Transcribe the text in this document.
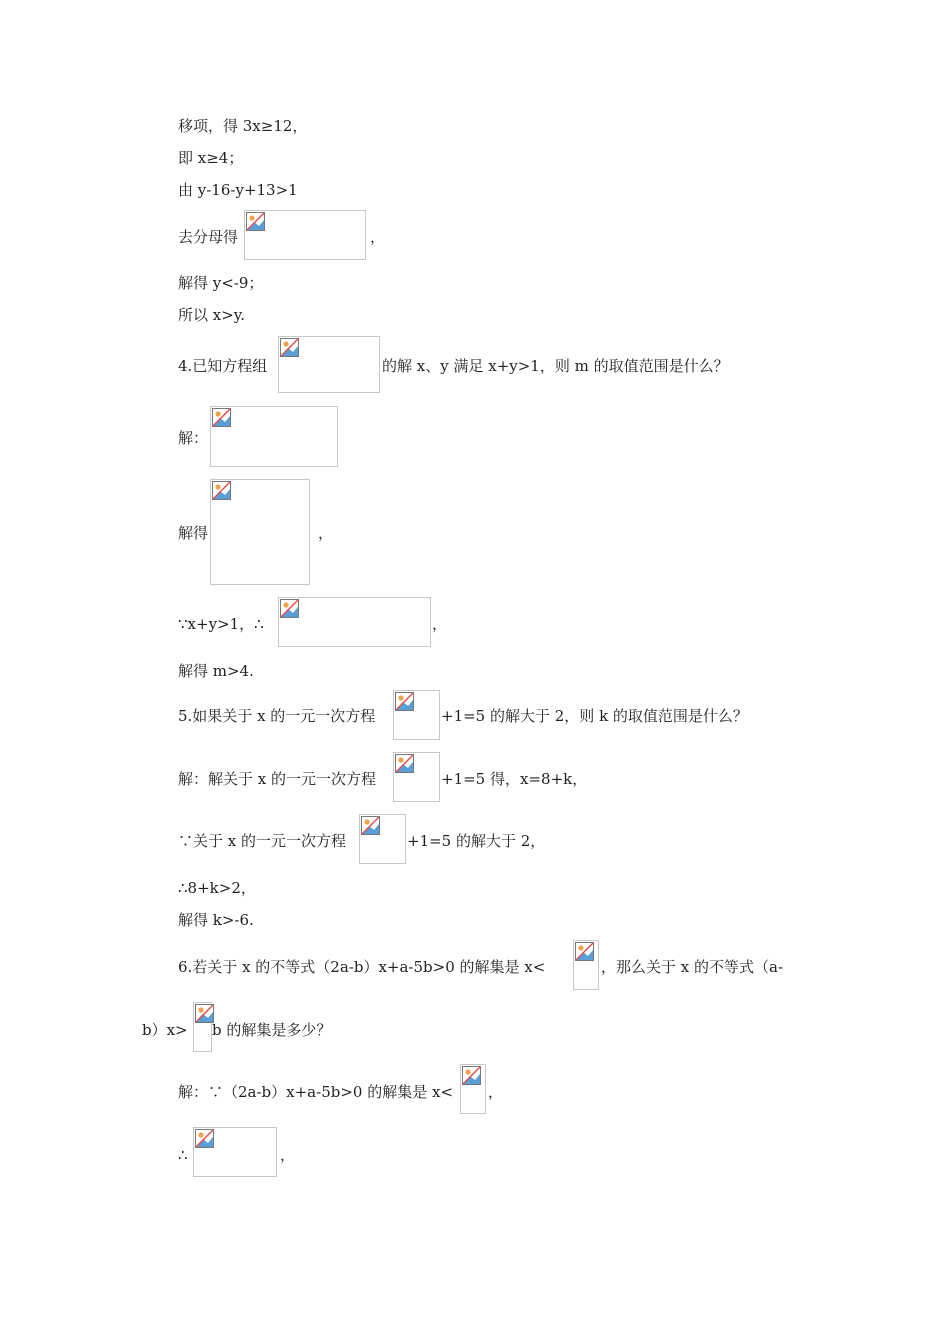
移项，得 3x≥12，
即 x≥4；
由 y-16-y+13>1
去分母得	，
解得 y<-9；
所以 x>y.
4.已知方程组	的解 x、y 满足 x+y>1，则 m 的取值范围是什么？
解：
解得	，
∵x+y>1，∴	，
解得 m>4.
5.如果关于 x 的一元一次方程	+1=5 的解大于 2，则 k 的取值范围是什么？
解：解关于 x 的一元一次方程	+1=5 得，x=8+k，
∵关于 x 的一元一次方程	+1=5 的解大于 2，
∴8+k>2，
解得 k>-6.
6.若关于 x 的不等式（2a-b）x+a-5b>0 的解集是 x<	，那么关于 x 的不等式（a-
b）x> b 的解集是多少？
解：∵（2a-b）x+a-5b>0 的解集是 x< ，
∴	，
